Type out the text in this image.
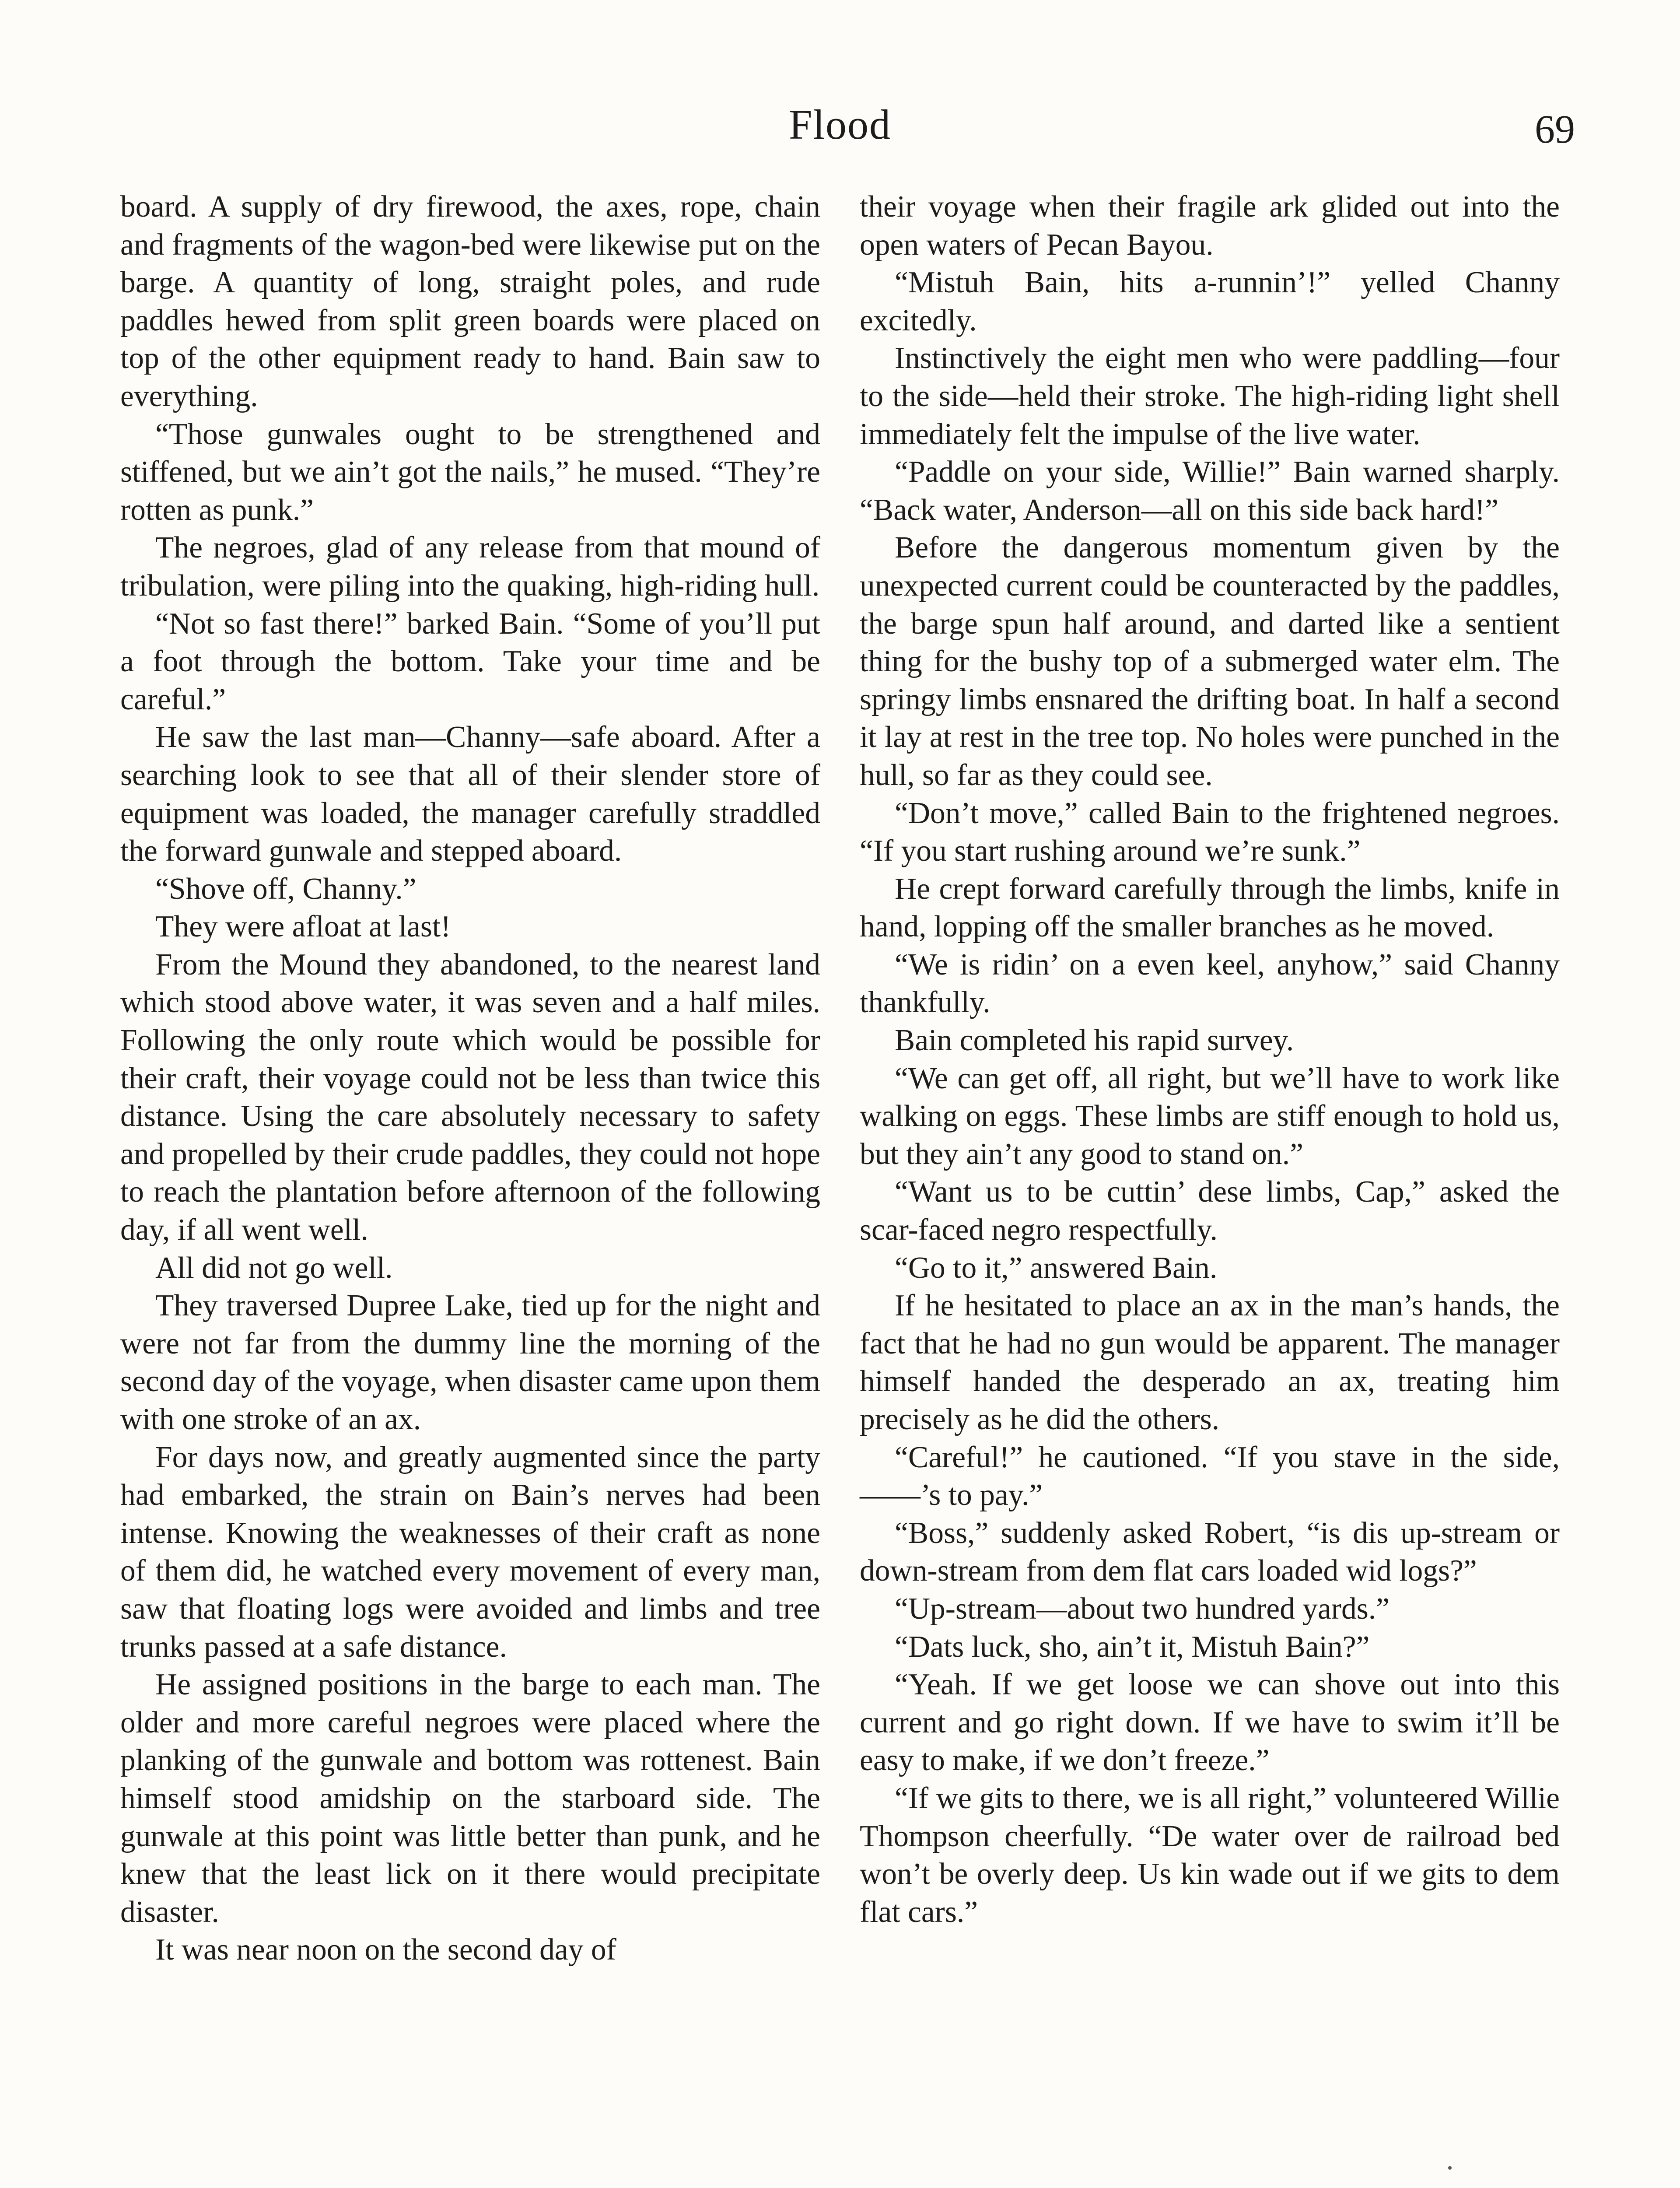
Flood	69

board. A supply of dry firewood, the axes, rope, chain and fragments of the wagon-bed were likewise put on the barge. A quantity of long, straight poles, and rude paddles hewed from split green boards were placed on top of the other equipment ready to hand. Bain saw to everything.

“Those gunwales ought to be strengthened and stiffened, but we ain’t got the nails,” he mused. “They’re rotten as punk.”

The negroes, glad of any release from that mound of tribulation, were piling into the quaking, high-riding hull.

“Not so fast there!” barked Bain. “Some of you’ll put a foot through the bottom. Take your time and be careful.”

He saw the last man—Channy—safe aboard. After a searching look to see that all of their slender store of equipment was loaded, the manager carefully straddled the forward gunwale and stepped aboard.

“Shove off, Channy.”

They were afloat at last!

From the Mound they abandoned, to the nearest land which stood above water, it was seven and a half miles. Following the only route which would be possible for their craft, their voyage could not be less than twice this distance. Using the care absolutely necessary to safety and propelled by their crude paddles, they could not hope to reach the plantation before afternoon of the following day, if all went well.

All did not go well.

They traversed Dupree Lake, tied up for the night and were not far from the dummy line the morning of the second day of the voyage, when disaster came upon them with one stroke of an ax.

For days now, and greatly augmented since the party had embarked, the strain on Bain’s nerves had been intense. Knowing the weaknesses of their craft as none of them did, he watched every movement of every man, saw that floating logs were avoided and limbs and tree trunks passed at a safe distance.

He assigned positions in the barge to each man. The older and more careful negroes were placed where the planking of the gunwale and bottom was rottenest. Bain himself stood amidship on the starboard side. The gunwale at this point was little better than punk, and he knew that the least lick on it there would precipitate disaster.

It was near noon on the second day of

their voyage when their fragile ark glided out into the open waters of Pecan Bayou.

“Mistuh Bain, hits a-runnin’!” yelled Channy excitedly.

Instinctively the eight men who were paddling—four to the side—held their stroke. The high-riding light shell immediately felt the impulse of the live water.

“Paddle on your side, Willie!” Bain warned sharply. “Back water, Anderson—all on this side back hard!”

Before the dangerous momentum given by the unexpected current could be counteracted by the paddles, the barge spun half around, and darted like a sentient thing for the bushy top of a submerged water elm. The springy limbs ensnared the drifting boat. In half a second it lay at rest in the tree top. No holes were punched in the hull, so far as they could see.

“Don’t move,” called Bain to the frightened negroes. “If you start rushing around we’re sunk.”

He crept forward carefully through the limbs, knife in hand, lopping off the smaller branches as he moved.

“We is ridin’ on a even keel, anyhow,” said Channy thankfully.

Bain completed his rapid survey.

“We can get off, all right, but we’ll have to work like walking on eggs. These limbs are stiff enough to hold us, but they ain’t any good to stand on.”

“Want us to be cuttin’ dese limbs, Cap,” asked the scar-faced negro respectfully.

“Go to it,” answered Bain.

If he hesitated to place an ax in the man’s hands, the fact that he had no gun would be apparent. The manager himself handed the desperado an ax, treating him precisely as he did the others.

“Careful!” he cautioned. “If you stave in the side, ——’s to pay.”

“Boss,” suddenly asked Robert, “is dis up-stream or down-stream from dem flat cars loaded wid logs?”

“Up-stream—about two hundred yards.”

“Dats luck, sho, ain’t it, Mistuh Bain?”

“Yeah. If we get loose we can shove out into this current and go right down. If we have to swim it’ll be easy to make, if we don’t freeze.”

“If we gits to there, we is all right,” volunteered Willie Thompson cheerfully. “De water over de railroad bed won’t be overly deep. Us kin wade out if we gits to dem flat cars.”
